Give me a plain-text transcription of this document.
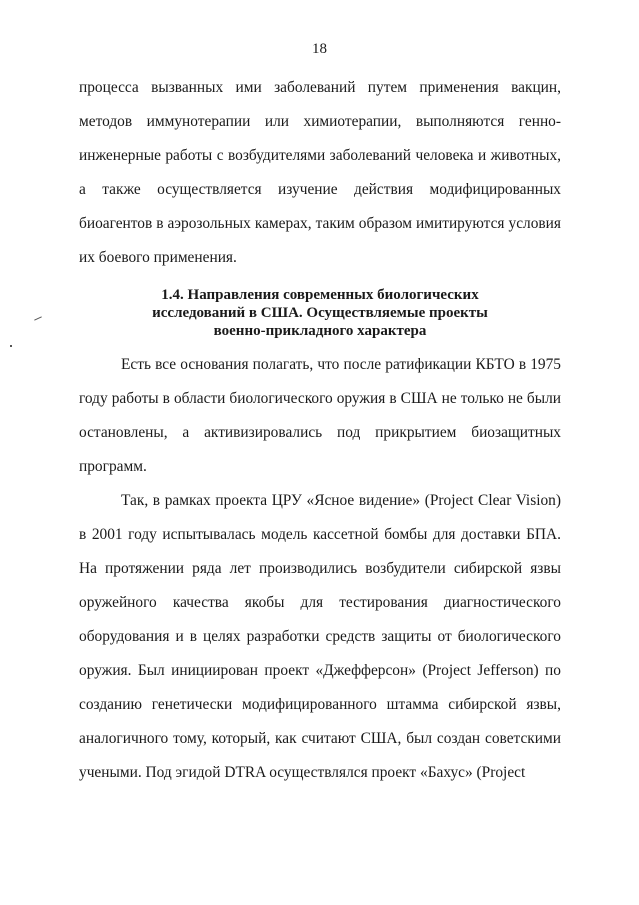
18

процесса вызванных ими заболеваний путем применения вакцин, методов иммунотерапии или химиотерапии, выполняются генно-инженерные работы с возбудителями заболеваний человека и животных, а также осуществляется изучение действия модифицированных биоагентов в аэрозольных камерах, таким образом имитируются условия их боевого применения.

1.4. Направления современных биологических
исследований в США. Осуществляемые проекты
военно-прикладного характера

Есть все основания полагать, что после ратификации КБТО в 1975 году работы в области биологического оружия в США не только не были остановлены, а активизировались под прикрытием биозащитных программ.

Так, в рамках проекта ЦРУ «Ясное видение» (Project Clear Vision) в 2001 году испытывалась модель кассетной бомбы для доставки БПА. На протяжении ряда лет производились возбудители сибирской язвы оружейного качества якобы для тестирования диагностического оборудования и в целях разработки средств защиты от биологического оружия. Был инициирован проект «Джефферсон» (Project Jefferson) по созданию генетически модифицированного штамма сибирской язвы, аналогичного тому, который, как считают США, был создан советскими учеными. Под эгидой DTRA осуществлялся проект «Бахус» (Project
